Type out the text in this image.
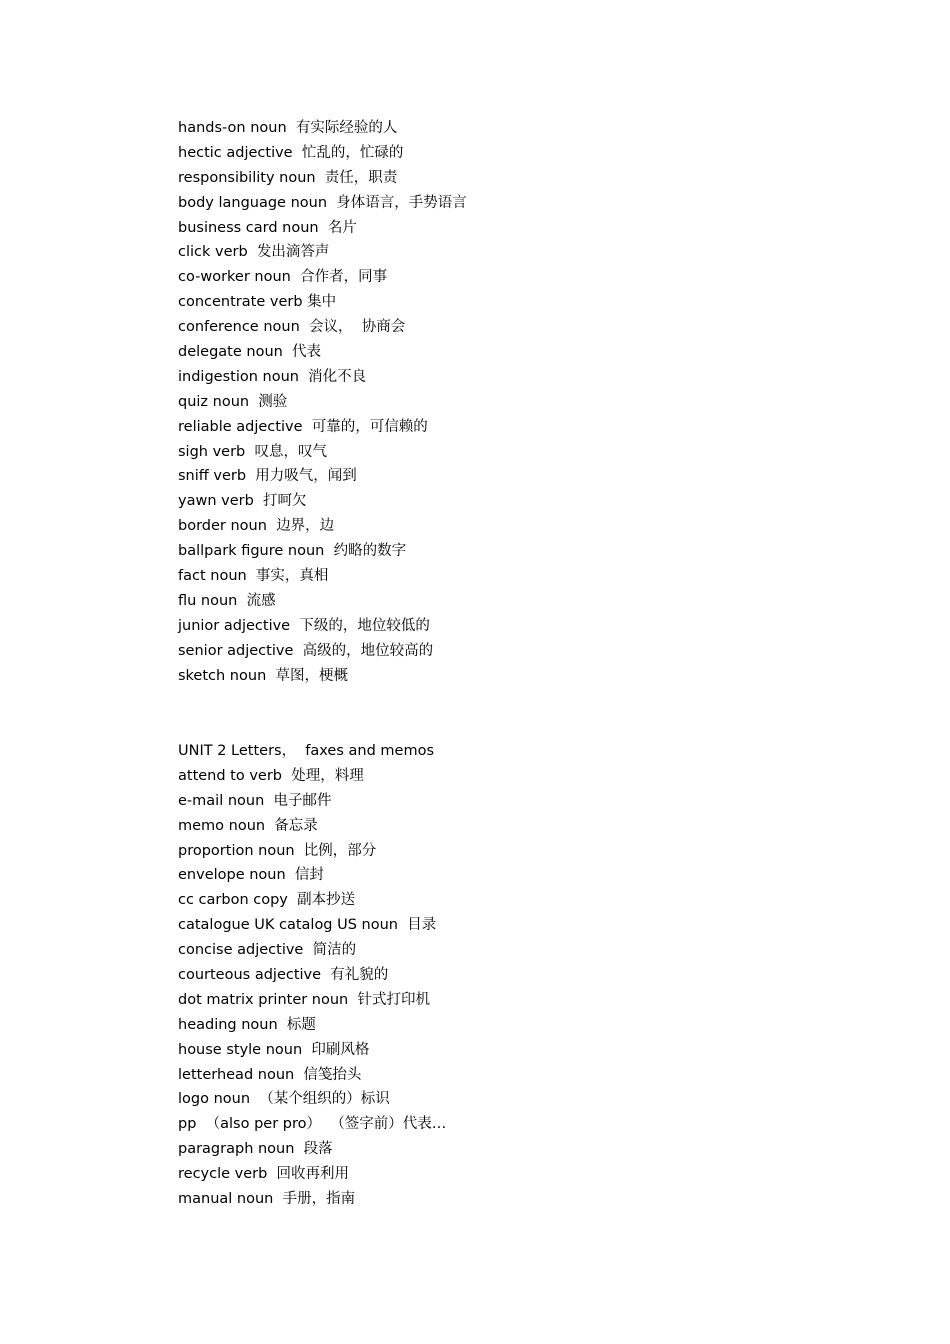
hands-on noun  有实际经验的人
hectic adjective  忙乱的，忙碌的
responsibility noun  责任，职责
body language noun  身体语言，手势语言
business card noun  名片
click verb  发出滴答声
co-worker noun  合作者，同事
concentrate verb 集中
conference noun  会议，  协商会
delegate noun  代表
indigestion noun  消化不良
quiz noun  测验
reliable adjective  可靠的，可信赖的
sigh verb  叹息，叹气
sniff verb  用力吸气，闻到
yawn verb  打呵欠
border noun  边界，边
ballpark figure noun  约略的数字
fact noun  事实，真相
flu noun  流感
junior adjective  下级的，地位较低的
senior adjective  高级的，地位较高的
sketch noun  草图，梗概
UNIT 2 Letters，  faxes and memos
attend to verb  处理，料理
e-mail noun  电子邮件
memo noun  备忘录
proportion noun  比例，部分
envelope noun  信封
cc carbon copy  副本抄送
catalogue UK catalog US noun  目录
concise adjective  简洁的
courteous adjective  有礼貌的
dot matrix printer noun  针式打印机
heading noun  标题
house style noun  印刷风格
letterhead noun  信笺抬头
logo noun  （某个组织的）标识
pp  （also per pro）  （签字前）代表…
paragraph noun  段落
recycle verb  回收再利用
manual noun  手册，指南
